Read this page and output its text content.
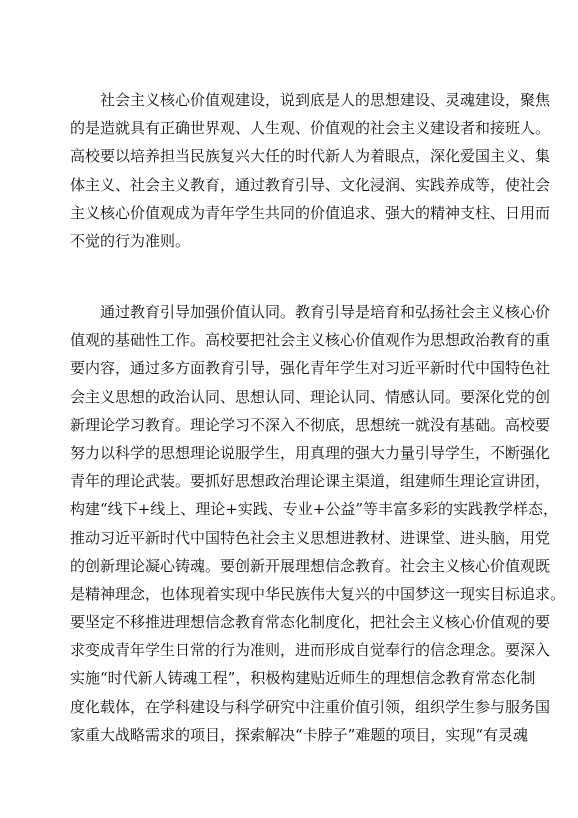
社会主义核心价值观建设，说到底是人的思想建设、灵魂建设，聚焦
的是造就具有正确世界观、人生观、价值观的社会主义建设者和接班人。
高校要以培养担当民族复兴大任的时代新人为着眼点，深化爱国主义、集
体主义、社会主义教育，通过教育引导、文化浸润、实践养成等，使社会
主义核心价值观成为青年学生共同的价值追求、强大的精神支柱、日用而
不觉的行为准则。
通过教育引导加强价值认同。教育引导是培育和弘扬社会主义核心价
值观的基础性工作。高校要把社会主义核心价值观作为思想政治教育的重
要内容，通过多方面教育引导，强化青年学生对习近平新时代中国特色社
会主义思想的政治认同、思想认同、理论认同、情感认同。要深化党的创
新理论学习教育。理论学习不深入不彻底，思想统一就没有基础。高校要
努力以科学的思想理论说服学生，用真理的强大力量引导学生，不断强化
青年的理论武装。要抓好思想政治理论课主渠道，组建师生理论宣讲团，
构建“线下+线上、理论+实践、专业+公益”等丰富多彩的实践教学样态，
推动习近平新时代中国特色社会主义思想进教材、进课堂、进头脑，用党
的创新理论凝心铸魂。要创新开展理想信念教育。社会主义核心价值观既
是精神理念，也体现着实现中华民族伟大复兴的中国梦这一现实目标追求。
要坚定不移推进理想信念教育常态化制度化，把社会主义核心价值观的要
求变成青年学生日常的行为准则，进而形成自觉奉行的信念理念。要深入
实施“时代新人铸魂工程”，积极构建贴近师生的理想信念教育常态化制
度化载体，在学科建设与科学研究中注重价值引领，组织学生参与服务国
家重大战略需求的项目，探索解决“卡脖子”难题的项目，实现“有灵魂
